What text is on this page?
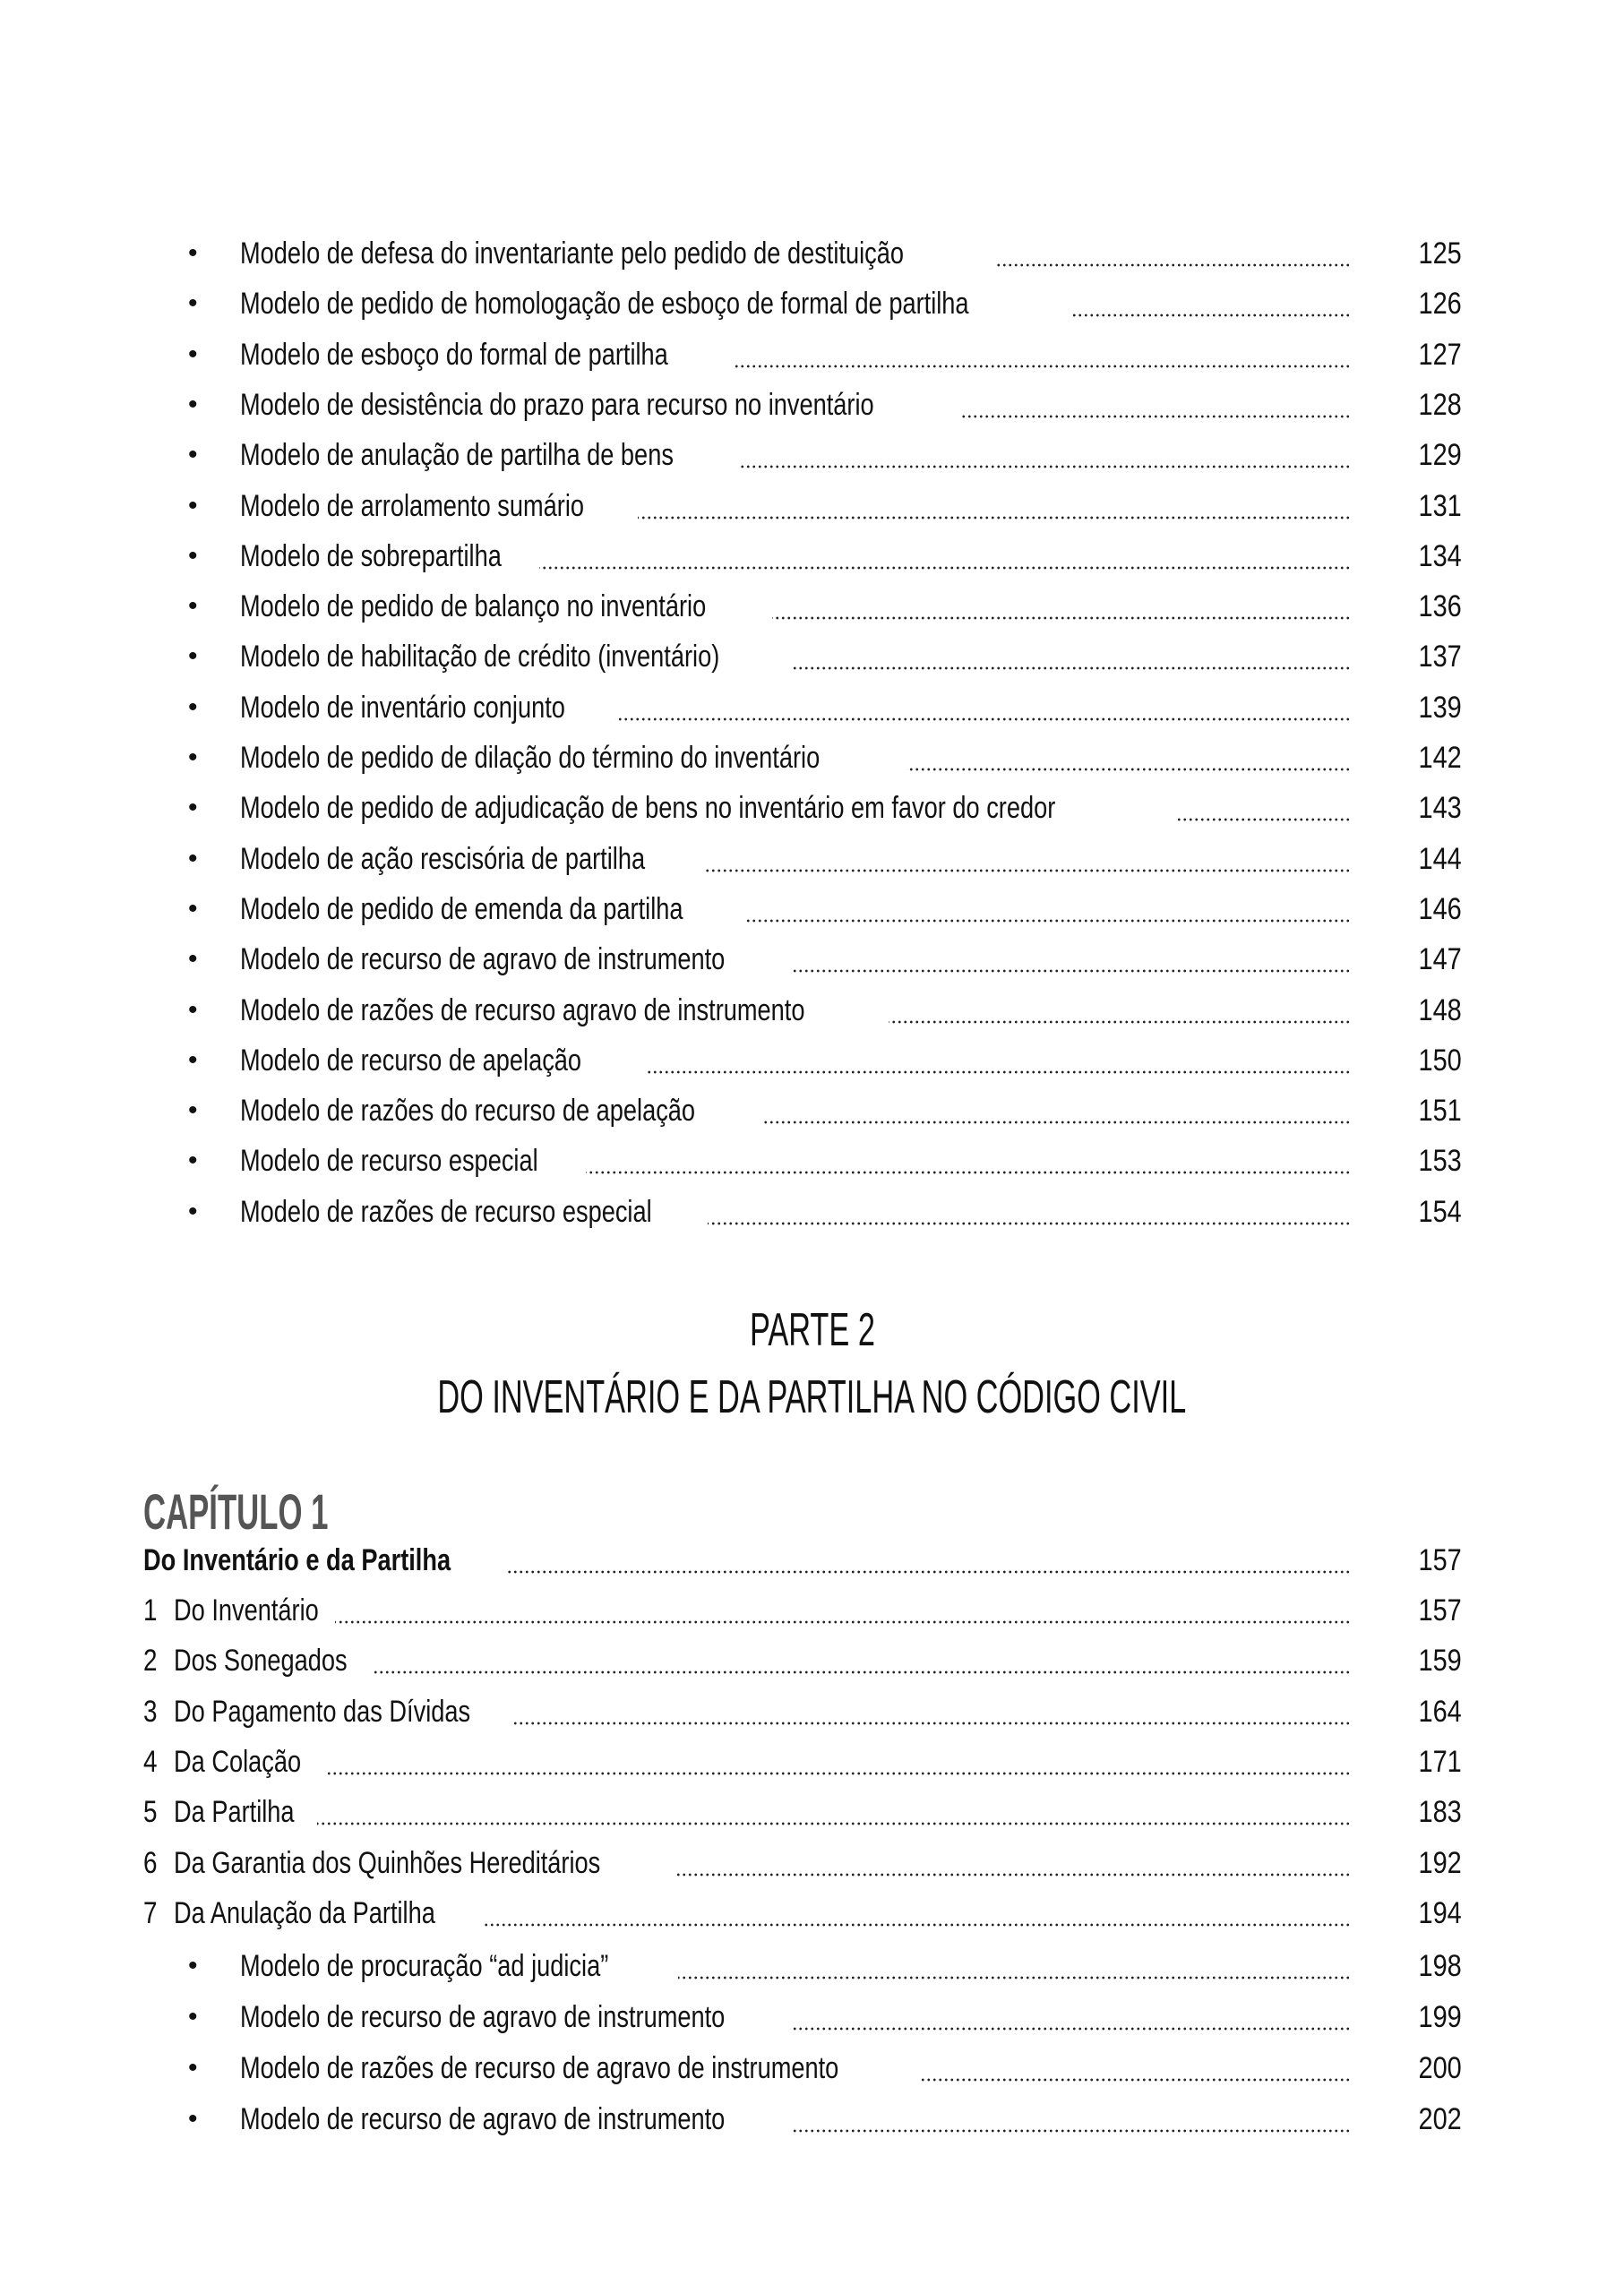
• Modelo de defesa do inventariante pelo pedido de destituição	125
• Modelo de pedido de homologação de esboço de formal de partilha	126
• Modelo de esboço do formal de partilha	127
• Modelo de desistência do prazo para recurso no inventário	128
• Modelo de anulação de partilha de bens	129
• Modelo de arrolamento sumário	131
• Modelo de sobrepartilha	134
• Modelo de pedido de balanço no inventário	136
• Modelo de habilitação de crédito (inventário)	137
• Modelo de inventário conjunto	139
• Modelo de pedido de dilação do término do inventário	142
• Modelo de pedido de adjudicação de bens no inventário em favor do credor	143
• Modelo de ação rescisória de partilha	144
• Modelo de pedido de emenda da partilha	146
• Modelo de recurso de agravo de instrumento	147
• Modelo de razões de recurso agravo de instrumento	148
• Modelo de recurso de apelação	150
• Modelo de razões do recurso de apelação	151
• Modelo de recurso especial	153
• Modelo de razões de recurso especial	154
PARTE 2
DO INVENTÁRIO E DA PARTILHA NO CÓDIGO CIVIL
CAPÍTULO 1
Do Inventário e da Partilha	157
1 Do Inventário	157
2 Dos Sonegados	159
3 Do Pagamento das Dívidas	164
4 Da Colação	171
5 Da Partilha	183
6 Da Garantia dos Quinhões Hereditários	192
7 Da Anulação da Partilha	194
• Modelo de procuração “ad judicia”	198
• Modelo de recurso de agravo de instrumento	199
• Modelo de razões de recurso de agravo de instrumento	200
• Modelo de recurso de agravo de instrumento	202
